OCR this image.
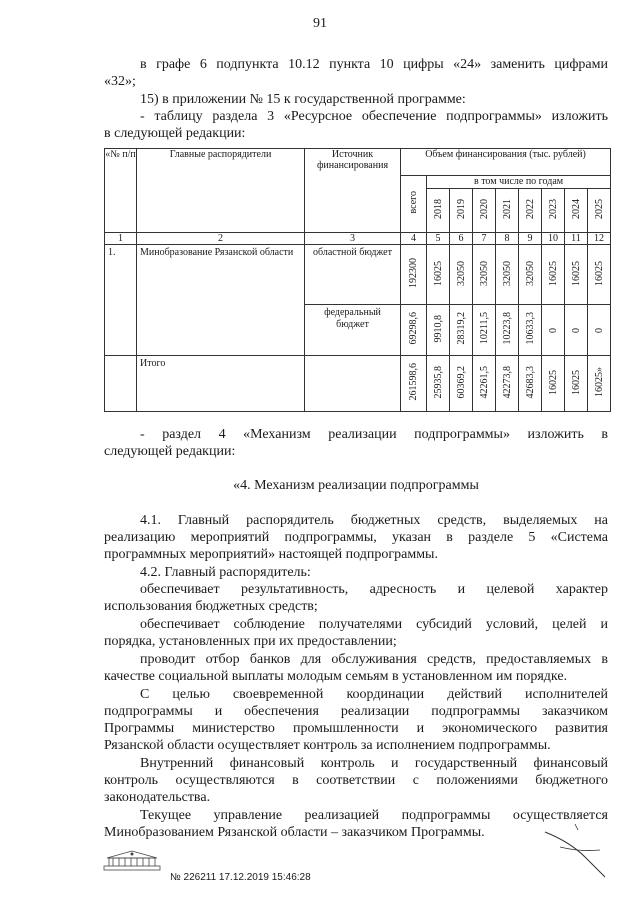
91
в графе 6 подпункта 10.12 пункта 10 цифры «24» заменить цифрами
«32»;
15) в приложении № 15 к государственной программе:
- таблицу раздела 3 «Ресурсное обеспечение подпрограммы» изложить
в следующей редакции:
«№ п/п	Главные распорядители	Источник финансирования	Объем финансирования (тыс. рублей)								
			всего	в том числе по годам							
				2018	2019	2020	2021	2022	2023	2024	2025
1	2	3	4	5	6	7	8	9	10	11	12
1.	Минобразование Рязанской области	областной бюджет	192300	16025	32050	32050	32050	32050	16025	16025	16025
		федеральный бюджет	69298,6	9910,8	28319,2	10211,5	10223,8	10633,3	0	0	0
	Итого		261598,6	25935,8	60369,2	42261,5	42273,8	42683,3	16025	16025	16025»
- раздел 4 «Механизм реализации подпрограммы» изложить в
следующей редакции:
«4. Механизм реализации подпрограммы
4.1. Главный распорядитель бюджетных средств, выделяемых на
реализацию мероприятий подпрограммы, указан в разделе 5 «Система
программных мероприятий» настоящей подпрограммы.
4.2. Главный распорядитель:
обеспечивает результативность, адресность и целевой характер
использования бюджетных средств;
обеспечивает соблюдение получателями субсидий условий, целей и
порядка, установленных при их предоставлении;
проводит отбор банков для обслуживания средств, предоставляемых в
качестве социальной выплаты молодым семьям в установленном им порядке.
С целью своевременной координации действий исполнителей
подпрограммы и обеспечения реализации подпрограммы заказчиком
Программы министерство промышленности и экономического развития
Рязанской области осуществляет контроль за исполнением подпрограммы.
Внутренний финансовый контроль и государственный финансовый
контроль осуществляются в соответствии с положениями бюджетного
законодательства.
Текущее управление реализацией подпрограммы осуществляется
Минобразованием Рязанской области – заказчиком Программы.
№ 226211 17.12.2019 15:46:28
